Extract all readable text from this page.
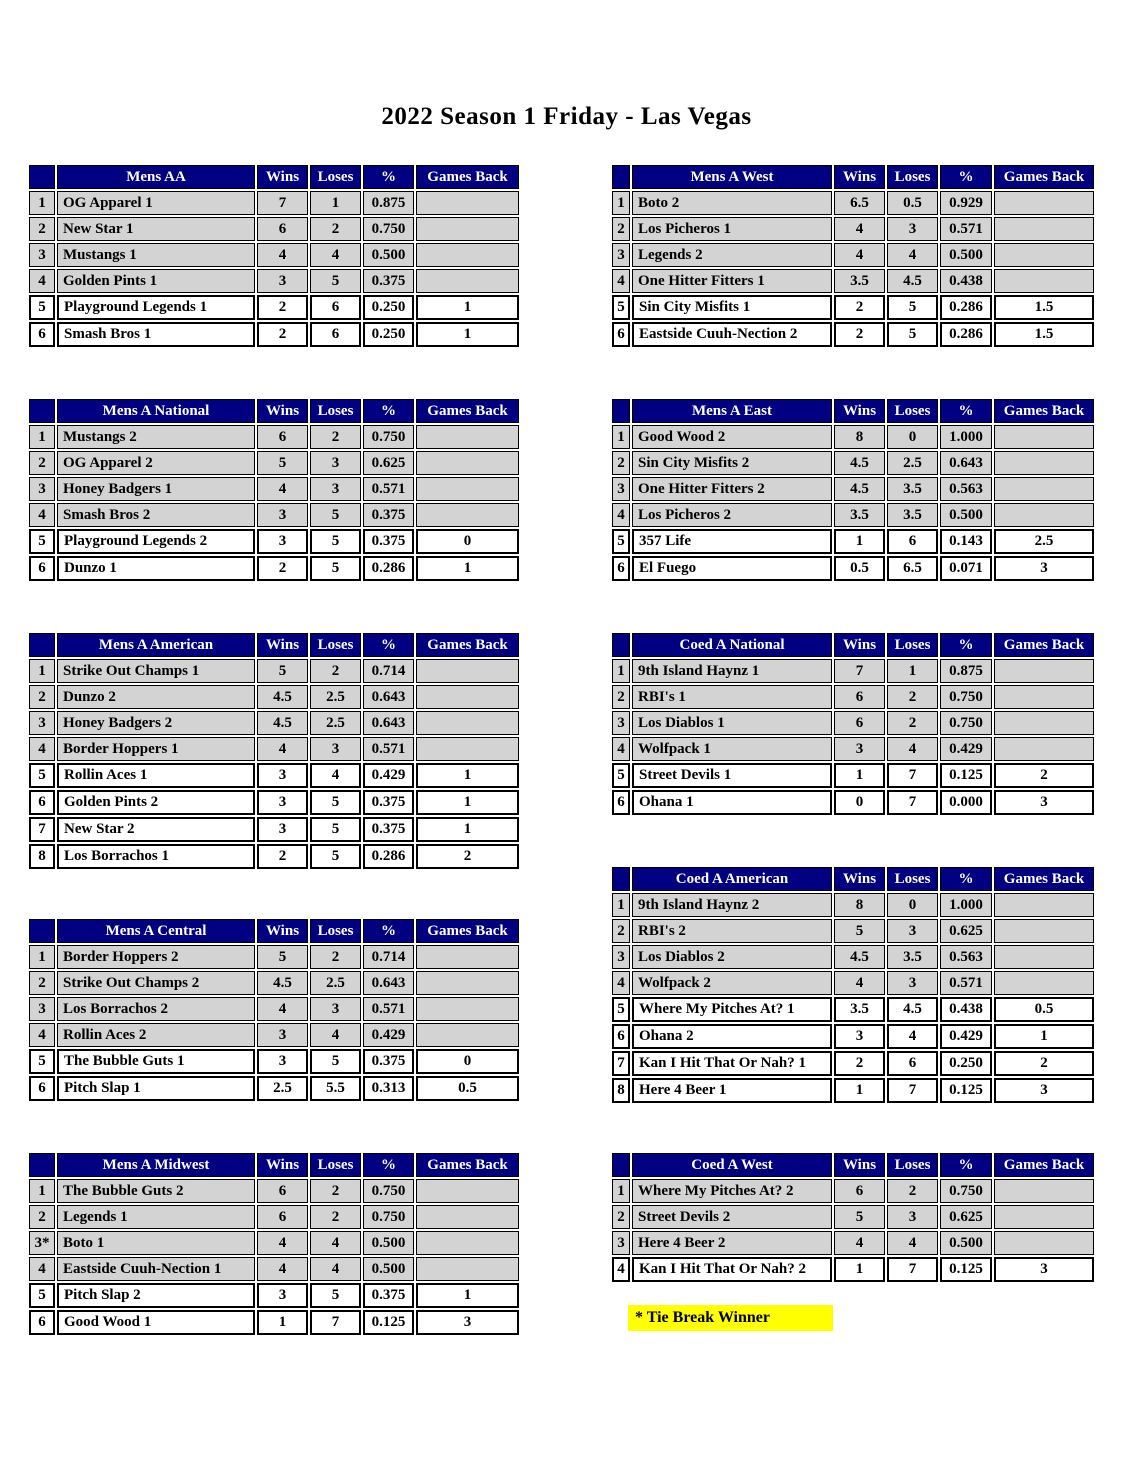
2022 Season 1 Friday - Las Vegas
	Mens AA	Wins	Loses	%	Games Back
1	OG Apparel 1	7	1	0.875	
2	New Star 1	6	2	0.750	
3	Mustangs 1	4	4	0.500	
4	Golden Pints 1	3	5	0.375	
5	Playground Legends 1	2	6	0.250	1
6	Smash Bros 1	2	6	0.250	1
	Mens A West	Wins	Loses	%	Games Back
1	Boto 2	6.5	0.5	0.929	
2	Los Picheros 1	4	3	0.571	
3	Legends 2	4	4	0.500	
4	One Hitter Fitters 1	3.5	4.5	0.438	
5	Sin City Misfits 1	2	5	0.286	1.5
6	Eastside Cuuh-Nection 2	2	5	0.286	1.5
	Mens A National	Wins	Loses	%	Games Back
1	Mustangs 2	6	2	0.750	
2	OG Apparel 2	5	3	0.625	
3	Honey Badgers 1	4	3	0.571	
4	Smash Bros 2	3	5	0.375	
5	Playground Legends 2	3	5	0.375	0
6	Dunzo 1	2	5	0.286	1
	Mens A East	Wins	Loses	%	Games Back
1	Good Wood 2	8	0	1.000	
2	Sin City Misfits 2	4.5	2.5	0.643	
3	One Hitter Fitters 2	4.5	3.5	0.563	
4	Los Picheros 2	3.5	3.5	0.500	
5	357 Life	1	6	0.143	2.5
6	El Fuego	0.5	6.5	0.071	3
	Mens A American	Wins	Loses	%	Games Back
1	Strike Out Champs 1	5	2	0.714	
2	Dunzo 2	4.5	2.5	0.643	
3	Honey Badgers 2	4.5	2.5	0.643	
4	Border Hoppers 1	4	3	0.571	
5	Rollin Aces 1	3	4	0.429	1
6	Golden Pints 2	3	5	0.375	1
7	New Star 2	3	5	0.375	1
8	Los Borrachos 1	2	5	0.286	2
	Coed A National	Wins	Loses	%	Games Back
1	9th Island Haynz 1	7	1	0.875	
2	RBI's 1	6	2	0.750	
3	Los Diablos 1	6	2	0.750	
4	Wolfpack 1	3	4	0.429	
5	Street Devils 1	1	7	0.125	2
6	Ohana 1	0	7	0.000	3
	Mens A Central	Wins	Loses	%	Games Back
1	Border Hoppers 2	5	2	0.714	
2	Strike Out Champs 2	4.5	2.5	0.643	
3	Los Borrachos 2	4	3	0.571	
4	Rollin Aces 2	3	4	0.429	
5	The Bubble Guts 1	3	5	0.375	0
6	Pitch Slap 1	2.5	5.5	0.313	0.5
	Coed A American	Wins	Loses	%	Games Back
1	9th Island Haynz 2	8	0	1.000	
2	RBI's 2	5	3	0.625	
3	Los Diablos 2	4.5	3.5	0.563	
4	Wolfpack 2	4	3	0.571	
5	Where My Pitches At? 1	3.5	4.5	0.438	0.5
6	Ohana 2	3	4	0.429	1
7	Kan I Hit That Or Nah? 1	2	6	0.250	2
8	Here 4 Beer 1	1	7	0.125	3
	Mens A Midwest	Wins	Loses	%	Games Back
1	The Bubble Guts 2	6	2	0.750	
2	Legends 1	6	2	0.750	
3*	Boto 1	4	4	0.500	
4	Eastside Cuuh-Nection 1	4	4	0.500	
5	Pitch Slap 2	3	5	0.375	1
6	Good Wood 1	1	7	0.125	3
	Coed A West	Wins	Loses	%	Games Back
1	Where My Pitches At? 2	6	2	0.750	
2	Street Devils 2	5	3	0.625	
3	Here 4 Beer 2	4	4	0.500	
4	Kan I Hit That Or Nah? 2	1	7	0.125	3
* Tie Break Winner
